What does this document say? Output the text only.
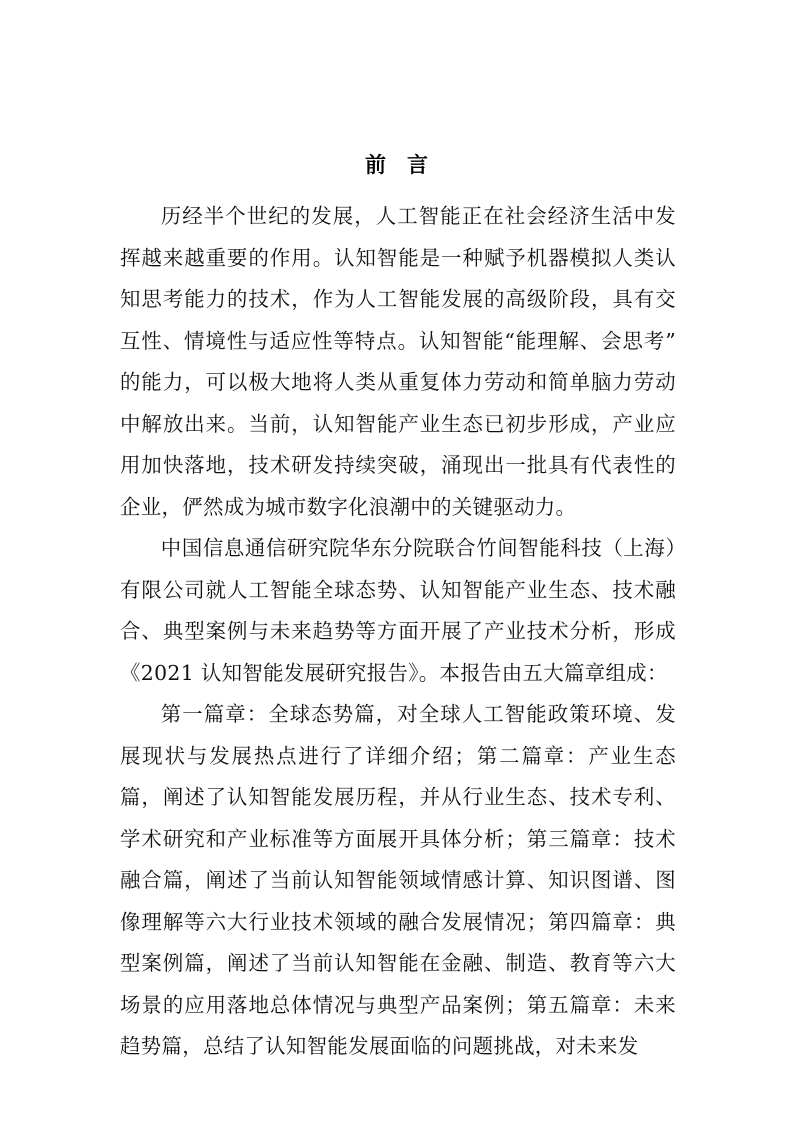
前　言

历经半个世纪的发展，人工智能正在社会经济生活中发挥越来越重要的作用。认知智能是一种赋予机器模拟人类认知思考能力的技术，作为人工智能发展的高级阶段，具有交互性、情境性与适应性等特点。认知智能“能理解、会思考”的能力，可以极大地将人类从重复体力劳动和简单脑力劳动中解放出来。当前，认知智能产业生态已初步形成，产业应用加快落地，技术研发持续突破，涌现出一批具有代表性的企业，俨然成为城市数字化浪潮中的关键驱动力。

中国信息通信研究院华东分院联合竹间智能科技（上海）有限公司就人工智能全球态势、认知智能产业生态、技术融合、典型案例与未来趋势等方面开展了产业技术分析，形成《2021 认知智能发展研究报告》。本报告由五大篇章组成：

第一篇章：全球态势篇，对全球人工智能政策环境、发展现状与发展热点进行了详细介绍；第二篇章：产业生态篇，阐述了认知智能发展历程，并从行业生态、技术专利、学术研究和产业标准等方面展开具体分析；第三篇章：技术融合篇，阐述了当前认知智能领域情感计算、知识图谱、图像理解等六大行业技术领域的融合发展情况；第四篇章：典型案例篇，阐述了当前认知智能在金融、制造、教育等六大场景的应用落地总体情况与典型产品案例；第五篇章：未来趋势篇，总结了认知智能发展面临的问题挑战，对未来发
